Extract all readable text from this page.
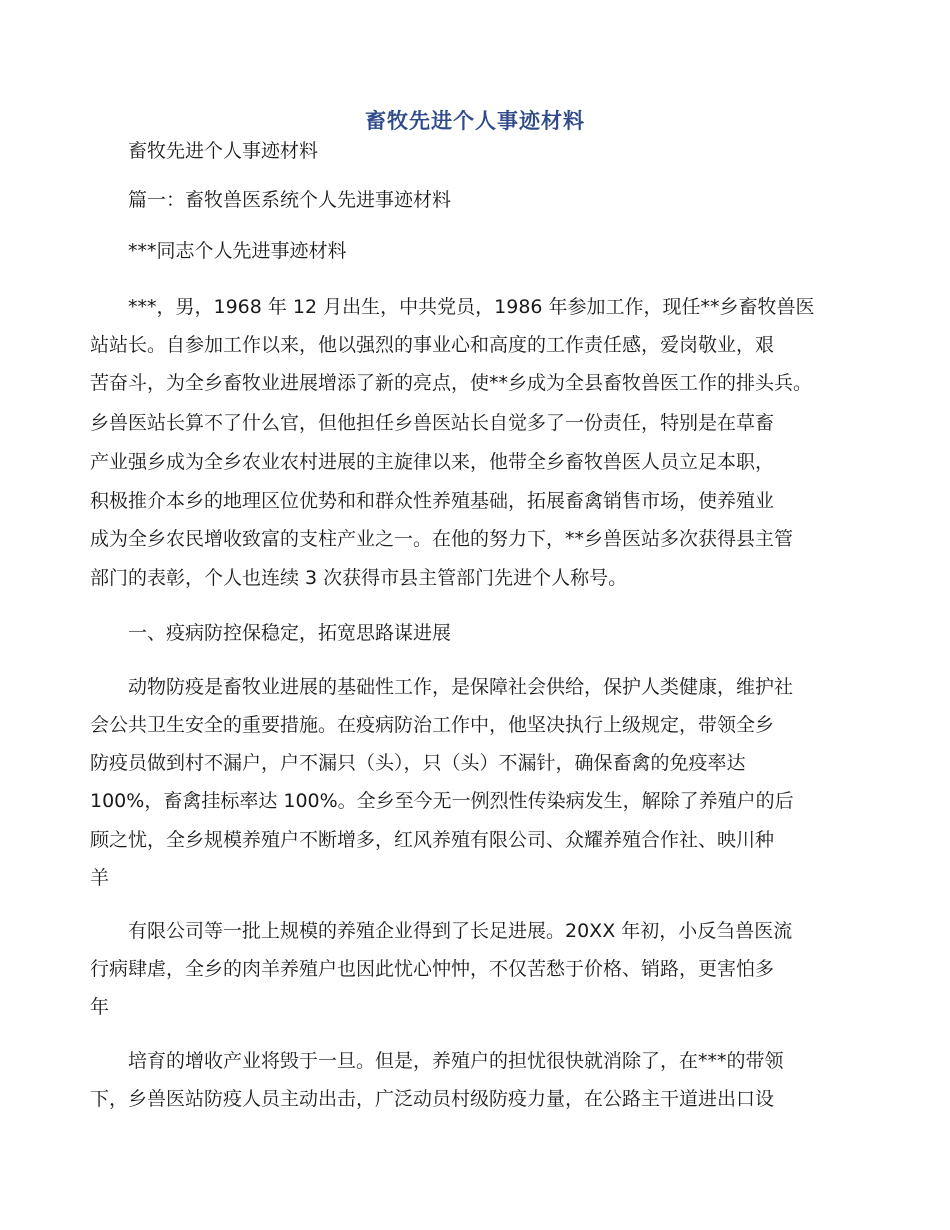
畜牧先进个人事迹材料
畜牧先进个人事迹材料
篇一：畜牧兽医系统个人先进事迹材料
***同志个人先进事迹材料
***，男，1968 年 12 月出生，中共党员，1986 年参加工作，现任**乡畜牧兽医
站站长。自参加工作以来，他以强烈的事业心和高度的工作责任感，爱岗敬业，艰
苦奋斗，为全乡畜牧业进展增添了新的亮点，使**乡成为全县畜牧兽医工作的排头兵。
乡兽医站长算不了什么官，但他担任乡兽医站长自觉多了一份责任，特别是在草畜
产业强乡成为全乡农业农村进展的主旋律以来，他带全乡畜牧兽医人员立足本职，
积极推介本乡的地理区位优势和和群众性养殖基础，拓展畜禽销售市场，使养殖业
成为全乡农民增收致富的支柱产业之一。在他的努力下，**乡兽医站多次获得县主管
部门的表彰，个人也连续 3 次获得市县主管部门先进个人称号。
一、疫病防控保稳定，拓宽思路谋进展
动物防疫是畜牧业进展的基础性工作，是保障社会供给，保护人类健康，维护社
会公共卫生安全的重要措施。在疫病防治工作中，他坚决执行上级规定，带领全乡
防疫员做到村不漏户，户不漏只（头），只（头）不漏针，确保畜禽的免疫率达
100%，畜禽挂标率达 100%。全乡至今无一例烈性传染病发生，解除了养殖户的后
顾之忧，全乡规模养殖户不断增多，红风养殖有限公司、众耀养殖合作社、映川种
羊
有限公司等一批上规模的养殖企业得到了长足进展。20XX 年初，小反刍兽医流
行病肆虐，全乡的肉羊养殖户也因此忧心忡忡，不仅苦愁于价格、销路，更害怕多
年
培育的增收产业将毁于一旦。但是，养殖户的担忧很快就消除了，在***的带领
下，乡兽医站防疫人员主动出击，广泛动员村级防疫力量，在公路主干道进出口设
